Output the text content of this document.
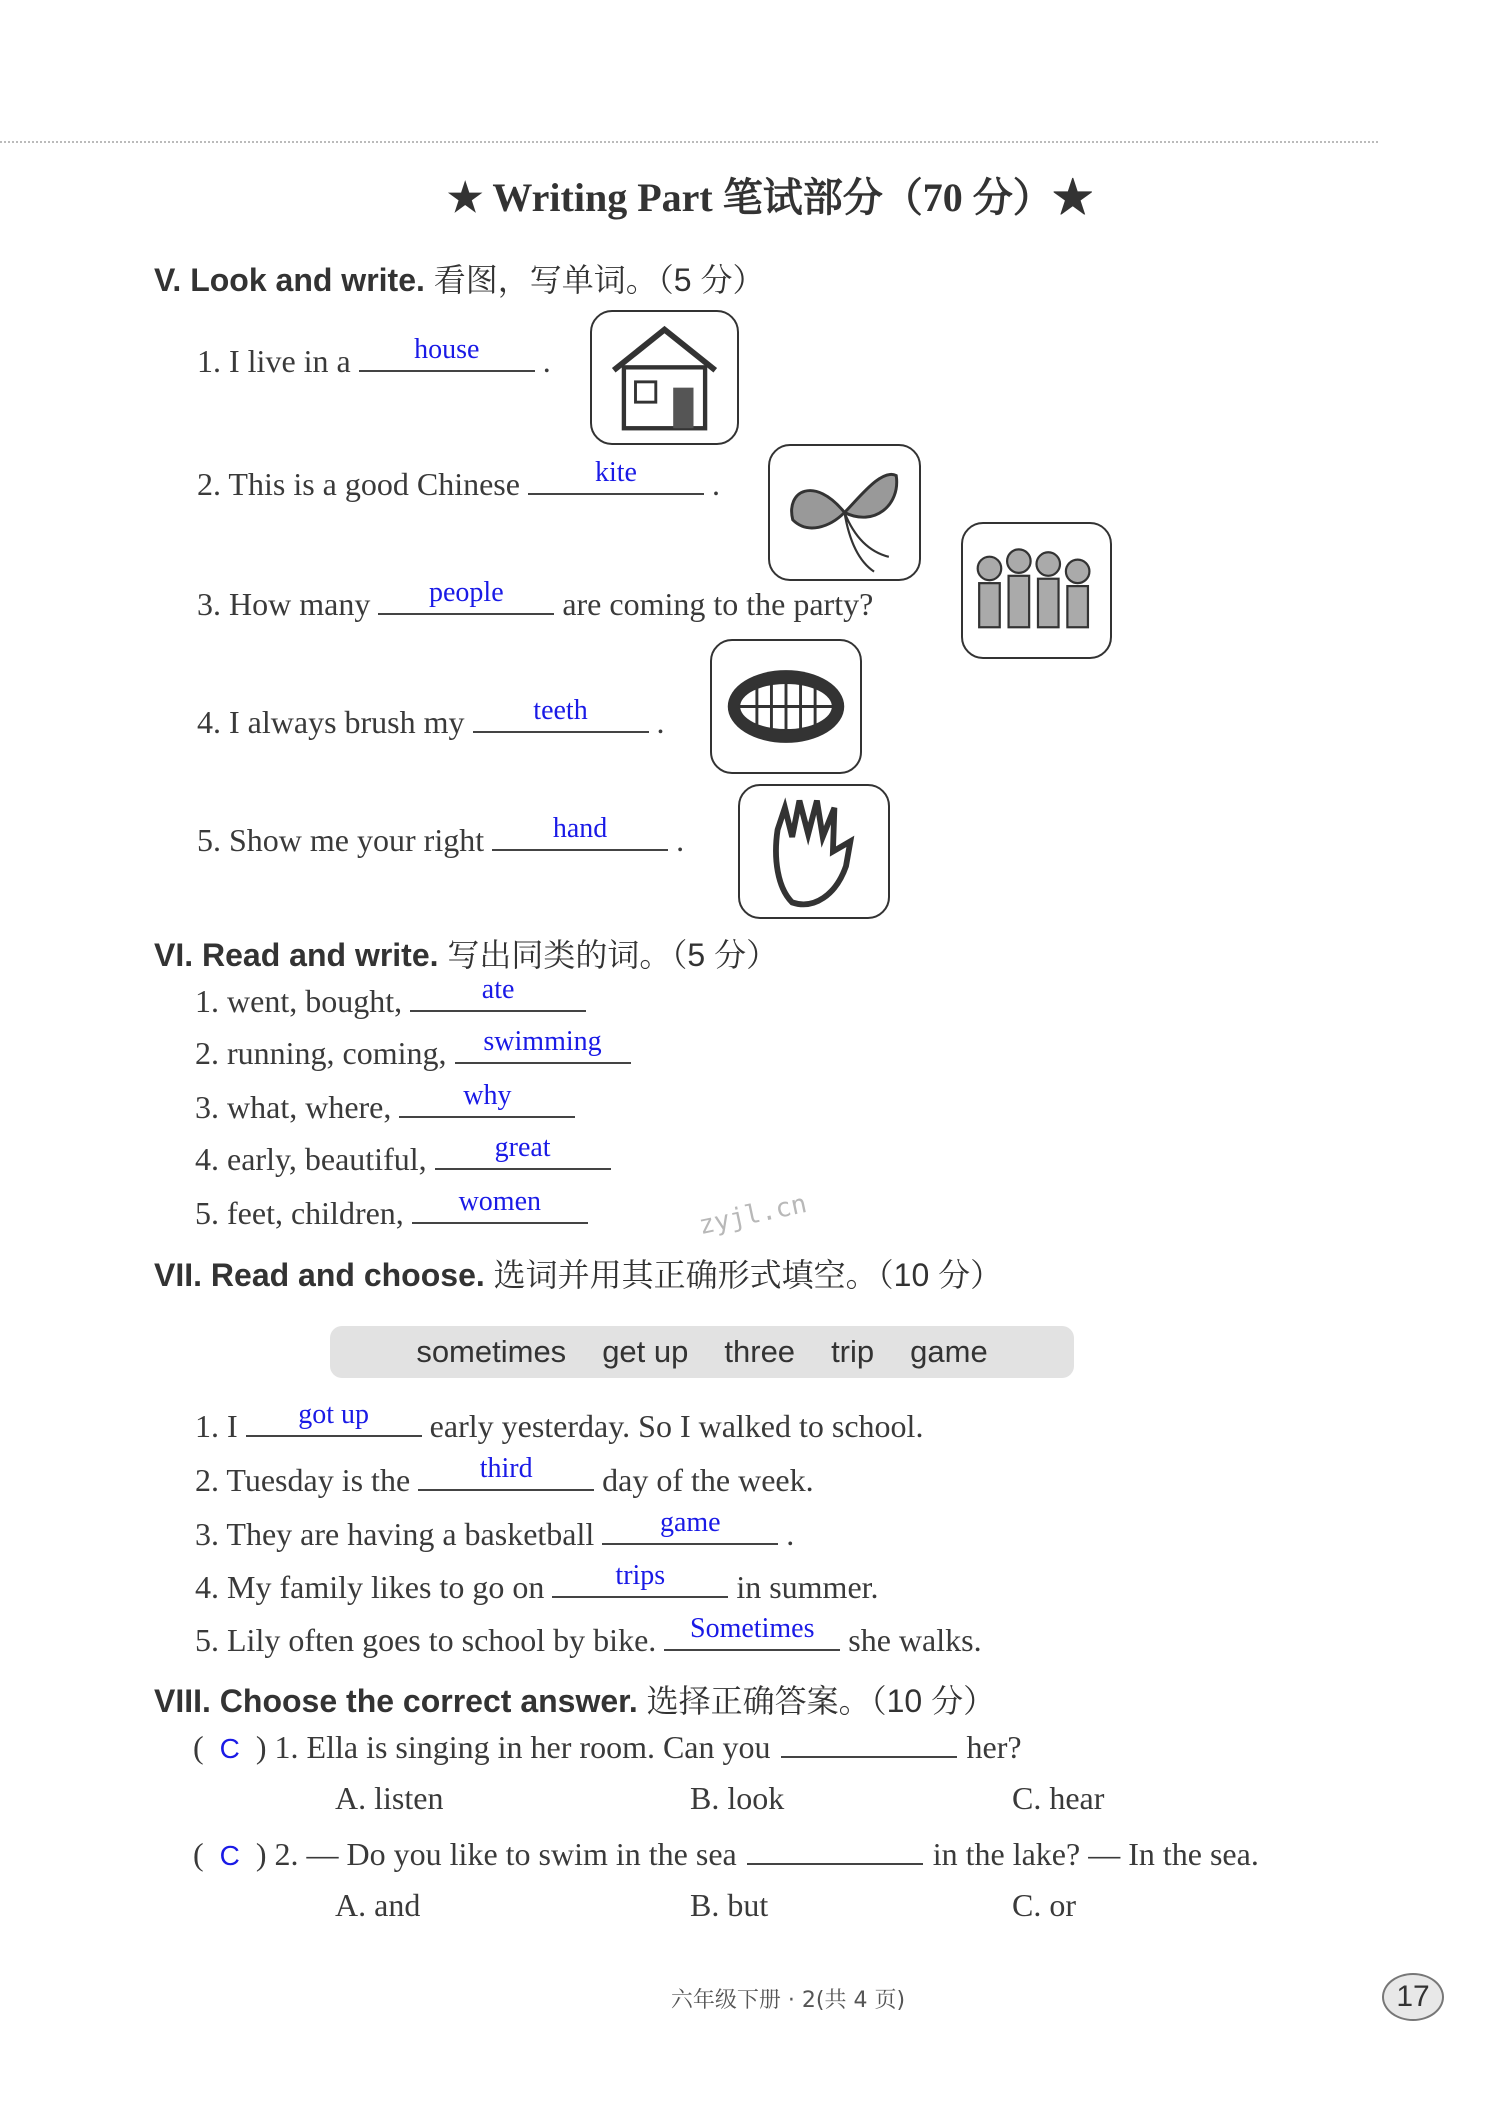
★ Writing Part 笔试部分（70 分）★
V. Look and write. 看图，写单词。（5 分）
1. I live in a	house	.
2. This is a good Chinese	kite	.
3. How many	people	are coming to the party?
4. I always brush my	teeth	.
5. Show me your right	hand	.
VI. Read and write. 写出同类的词。（5 分）
1. went, bought,	ate
2. running, coming,	swimming
3. what, where,	why
4. early, beautiful,	great
5. feet, children,	women	zyjl.cn
VII. Read and choose. 选词并用其正确形式填空。（10 分）
sometimes get up three trip game
1. I	got up	early yesterday. So I walked to school.
2. Tuesday is the	third	day of the week.
3. They are having a basketball	game	.
4. My family likes to go on	trips	in summer.
5. Lily often goes to school by bike.	Sometimes	she walks.
VIII. Choose the correct answer. 选择正确答案。（10 分）
(  C  )
1. Ella is singing in her room. Can you	her?
A. listen	B. look	C. hear
(  C  )
2. — Do you like to swim in the sea	in the lake? — In the sea.
A. and	B. but	C. or
六年级下册 · 2(共 4 页)	17
